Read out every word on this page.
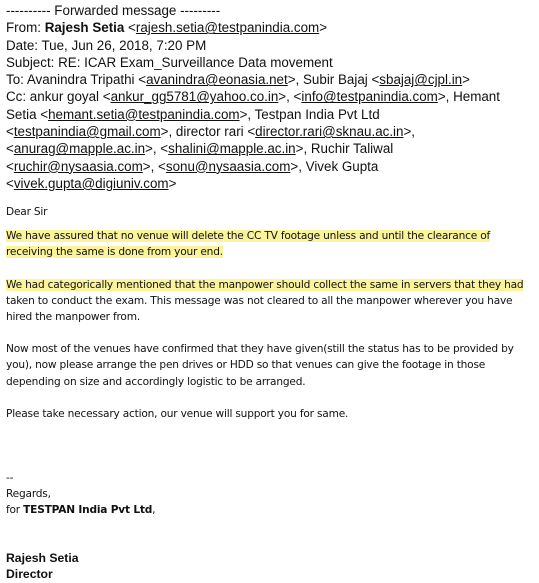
---------- Forwarded message ---------
From: Rajesh Setia <rajesh.setia@testpanindia.com>
Date: Tue, Jun 26, 2018, 7:20 PM
Subject: RE: ICAR Exam_Surveillance Data movement
To: Avanindra Tripathi <avanindra@eonasia.net>, Subir Bajaj <sbajaj@cjpl.in>
Cc: ankur goyal <ankur_gg5781@yahoo.co.in>, <info@testpanindia.com>, Hemant
Setia <hemant.setia@testpanindia.com>, Testpan India Pvt Ltd
<testpanindia@gmail.com>, director rari <director.rari@sknau.ac.in>,
<anurag@mapple.ac.in>, <shalini@mapple.ac.in>, Ruchir Taliwal
<ruchir@nysaasia.com>, <sonu@nysaasia.com>, Vivek Gupta
<vivek.gupta@digiuniv.com>
Dear Sir
We have assured that no venue will delete the CC TV footage unless and until the clearance of
receiving the same is done from your end.
We had categorically mentioned that the manpower should collect the same in servers that they had
taken to conduct the exam. This message was not cleared to all the manpower wherever you have
hired the manpower from.
Now most of the venues have confirmed that they have given(still the status has to be provided by
you), now please arrange the pen drives or HDD so that venues can give the footage in those
depending on size and accordingly logistic to be arranged.
Please take necessary action, our venue will support you for same.
--
Regards,
for TESTPAN India Pvt Ltd,
Rajesh Setia
Director
